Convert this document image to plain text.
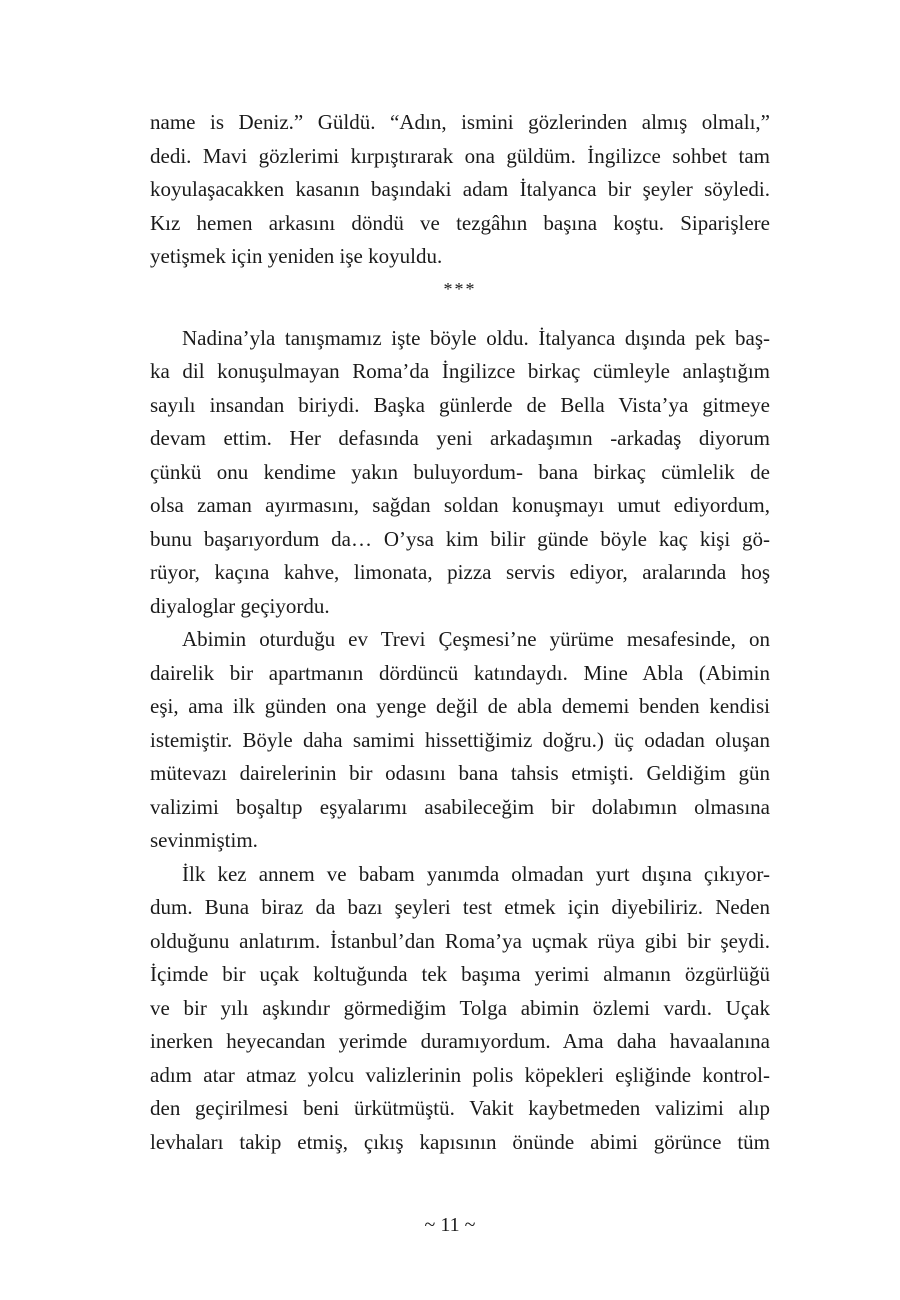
name is Deniz.” Güldü. “Adın, ismini gözlerinden almış olmalı,”
dedi. Mavi gözlerimi kırpıştırarak ona güldüm. İngilizce sohbet tam
koyulaşacakken kasanın başındaki adam İtalyanca bir şeyler söyledi.
Kız hemen arkasını döndü ve tezgâhın başına koştu. Siparişlere
yetişmek için yeniden işe koyuldu.
***
Nadina’yla tanışmamız işte böyle oldu. İtalyanca dışında pek baş-
ka dil konuşulmayan Roma’da İngilizce birkaç cümleyle anlaştığım
sayılı insandan biriydi. Başka günlerde de Bella Vista’ya gitmeye
devam ettim. Her defasında yeni arkadaşımın -arkadaş diyorum
çünkü onu kendime yakın buluyordum- bana birkaç cümlelik de
olsa zaman ayırmasını, sağdan soldan konuşmayı umut ediyordum,
bunu başarıyordum da… O’ysa kim bilir günde böyle kaç kişi gö-
rüyor, kaçına kahve, limonata, pizza servis ediyor, aralarında hoş
diyaloglar geçiyordu.
Abimin oturduğu ev Trevi Çeşmesi’ne yürüme mesafesinde, on
dairelik bir apartmanın dördüncü katındaydı. Mine Abla (Abimin
eşi, ama ilk günden ona yenge değil de abla dememi benden kendisi
istemiştir. Böyle daha samimi hissettiğimiz doğru.) üç odadan oluşan
mütevazı dairelerinin bir odasını bana tahsis etmişti. Geldiğim gün
valizimi boşaltıp eşyalarımı asabileceğim bir dolabımın olmasına
sevinmiştim.
İlk kez annem ve babam yanımda olmadan yurt dışına çıkıyor-
dum. Buna biraz da bazı şeyleri test etmek için diyebiliriz. Neden
olduğunu anlatırım. İstanbul’dan Roma’ya uçmak rüya gibi bir şeydi.
İçimde bir uçak koltuğunda tek başıma yerimi almanın özgürlüğü
ve bir yılı aşkındır görmediğim Tolga abimin özlemi vardı. Uçak
inerken heyecandan yerimde duramıyordum. Ama daha havaalanına
adım atar atmaz yolcu valizlerinin polis köpekleri eşliğinde kontrol-
den geçirilmesi beni ürkütmüştü. Vakit kaybetmeden valizimi alıp
levhaları takip etmiş, çıkış kapısının önünde abimi görünce tüm
~ 11 ~
